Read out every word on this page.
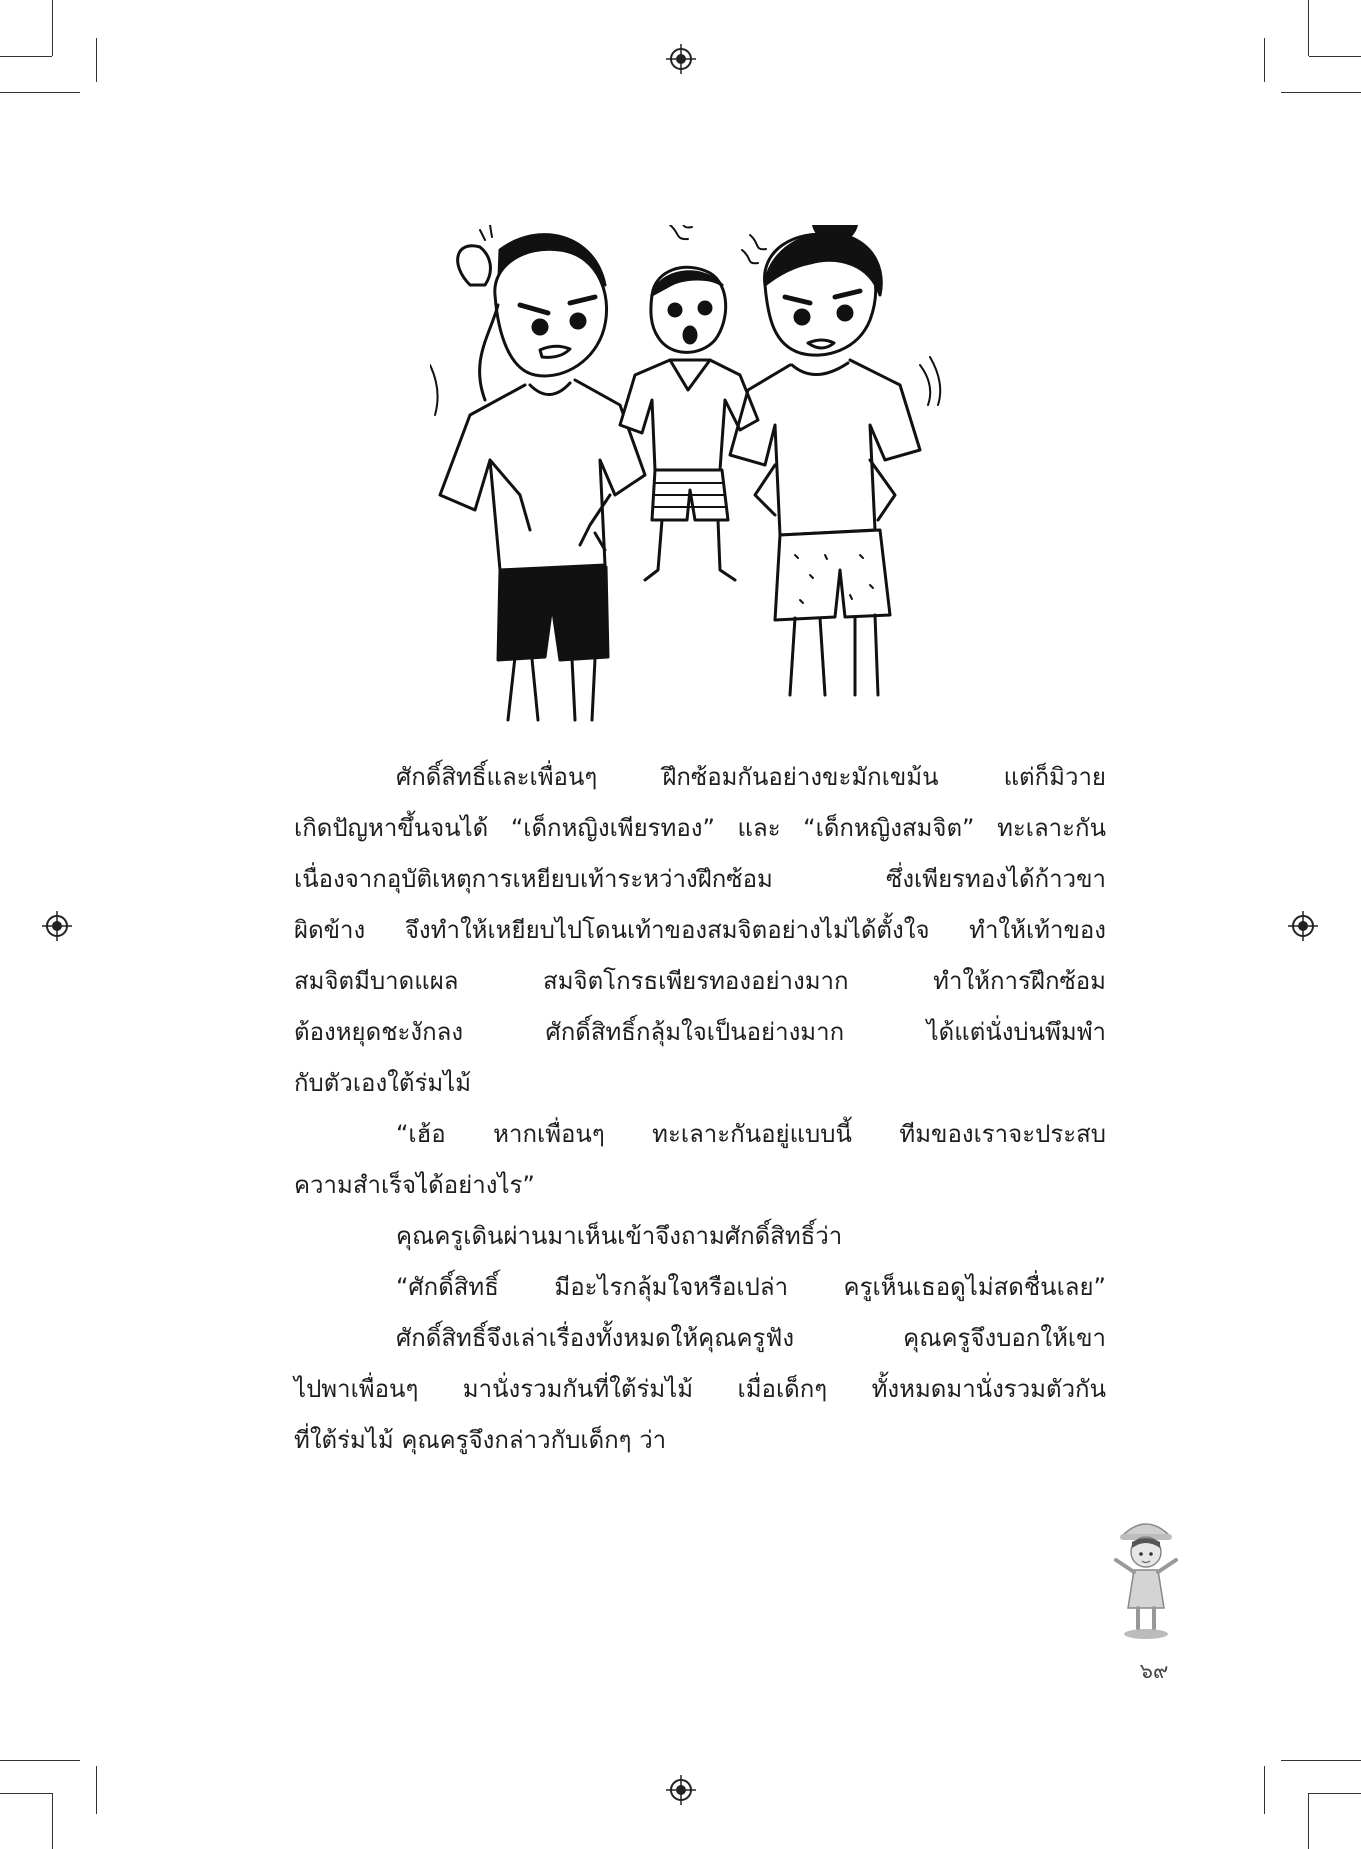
ศักดิ์สิทธิ์และเพื่อนๆ ฝึกซ้อมกันอย่างขะมักเขม้น แต่ก็มิวาย

เกิดปัญหาขึ้นจนได้ “เด็กหญิงเพียรทอง” และ “เด็กหญิงสมจิต” ทะเลาะกัน

เนื่องจากอุบัติเหตุการเหยียบเท้าระหว่างฝึกซ้อม ซึ่งเพียรทองได้ก้าวขา

ผิดข้าง จึงทำให้เหยียบไปโดนเท้าของสมจิตอย่างไม่ได้ตั้งใจ ทำให้เท้าของ

สมจิตมีบาดแผล สมจิตโกรธเพียรทองอย่างมาก ทำให้การฝึกซ้อม

ต้องหยุดชะงักลง ศักดิ์สิทธิ์กลุ้มใจเป็นอย่างมาก ได้แต่นั่งบ่นพึมพำ

กับตัวเองใต้ร่มไม้

“เฮ้อ หากเพื่อนๆ ทะเลาะกันอยู่แบบนี้ ทีมของเราจะประสบ

ความสำเร็จได้อย่างไร”

คุณครูเดินผ่านมาเห็นเข้าจึงถามศักดิ์สิทธิ์ว่า

“ศักดิ์สิทธิ์ มีอะไรกลุ้มใจหรือเปล่า ครูเห็นเธอดูไม่สดชื่นเลย”

ศักดิ์สิทธิ์จึงเล่าเรื่องทั้งหมดให้คุณครูฟัง คุณครูจึงบอกให้เขา

ไปพาเพื่อนๆ มานั่งรวมกันที่ใต้ร่มไม้ เมื่อเด็กๆ ทั้งหมดมานั่งรวมตัวกัน

ที่ใต้ร่มไม้ คุณครูจึงกล่าวกับเด็กๆ ว่า

๖๙
